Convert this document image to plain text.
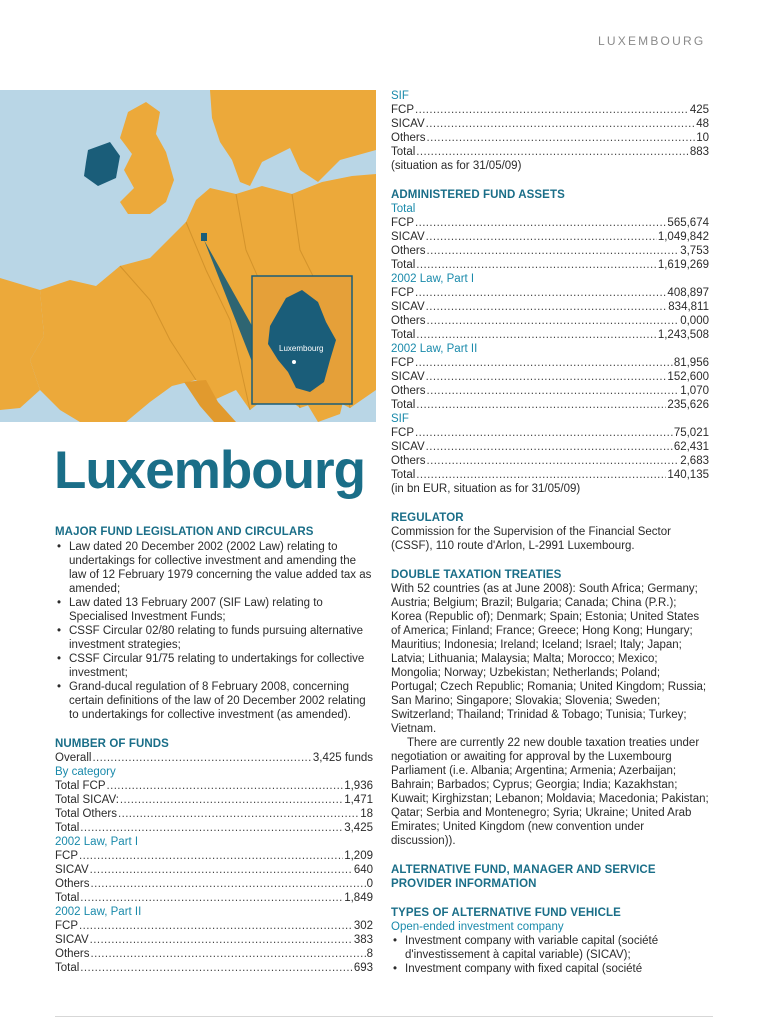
LUXEMBOURG
Luxembourg
Luxembourg
MAJOR FUND LEGISLATION AND CIRCULARS
• Law dated 20 December 2002 (2002 Law) relating to undertakings for collective investment and amending the law of 12 February 1979 concerning the value added tax as amended;
• Law dated 13 February 2007 (SIF Law) relating to Specialised Investment Funds;
• CSSF Circular 02/80 relating to funds pursuing alternative investment strategies;
• CSSF Circular 91/75 relating to undertakings for collective investment;
• Grand-ducal regulation of 8 February 2008, concerning certain definitions of the law of 20 December 2002 relating to undertakings for collective investment (as amended).
NUMBER OF FUNDS
Overall .....	3,425 funds
By category
Total FCP .....	1,936
Total SICAV: .....	1,471
Total Others .....	18
Total .....	3,425
2002 Law, Part I
FCP .....	1,209
SICAV .....	640
Others .....	0
Total .....	1,849
2002 Law, Part II
FCP .....	302
SICAV .....	383
Others .....	8
Total .....	693
SIF
FCP .....	425
SICAV .....	48
Others .....	10
Total .....	883
(situation as for 31/05/09)
ADMINISTERED FUND ASSETS
Total
FCP .....	565,674
SICAV .....	1,049,842
Others .....	3,753
Total .....	1,619,269
2002 Law, Part I
FCP .....	408,897
SICAV .....	834,811
Others .....	0,000
Total .....	1,243,508
2002 Law, Part II
FCP .....	81,956
SICAV .....	152,600
Others .....	1,070
Total .....	235,626
SIF
FCP .....	75,021
SICAV .....	62,431
Others .....	2,683
Total .....	140,135
(in bn EUR, situation as for 31/05/09)
REGULATOR
Commission for the Supervision of the Financial Sector (CSSF), 110 route d'Arlon, L-2991 Luxembourg.
DOUBLE TAXATION TREATIES
With 52 countries (as at June 2008): South Africa; Germany; Austria; Belgium; Brazil; Bulgaria; Canada; China (P.R.); Korea (Republic of); Denmark; Spain; Estonia; United States of America; Finland; France; Greece; Hong Kong; Hungary; Mauritius; Indonesia; Ireland; Iceland; Israel; Italy; Japan; Latvia; Lithuania; Malaysia; Malta; Morocco; Mexico; Mongolia; Norway; Uzbekistan; Netherlands; Poland; Portugal; Czech Republic; Romania; United Kingdom; Russia; San Marino; Singapore; Slovakia; Slovenia; Sweden; Switzerland; Thailand; Trinidad & Tobago; Tunisia; Turkey; Vietnam.
There are currently 22 new double taxation treaties under negotiation or awaiting for approval by the Luxembourg Parliament (i.e. Albania; Argentina; Armenia; Azerbaijan; Bahrain; Barbados; Cyprus; Georgia; India; Kazakhstan; Kuwait; Kirghizstan; Lebanon; Moldavia; Macedonia; Pakistan; Qatar; Serbia and Montenegro; Syria; Ukraine; United Arab Emirates; United Kingdom (new convention under discussion)).
ALTERNATIVE FUND, MANAGER AND SERVICE PROVIDER INFORMATION
TYPES OF ALTERNATIVE FUND VEHICLE
Open-ended investment company
• Investment company with variable capital (société d'investissement à capital variable) (SICAV);
• Investment company with fixed capital (société
